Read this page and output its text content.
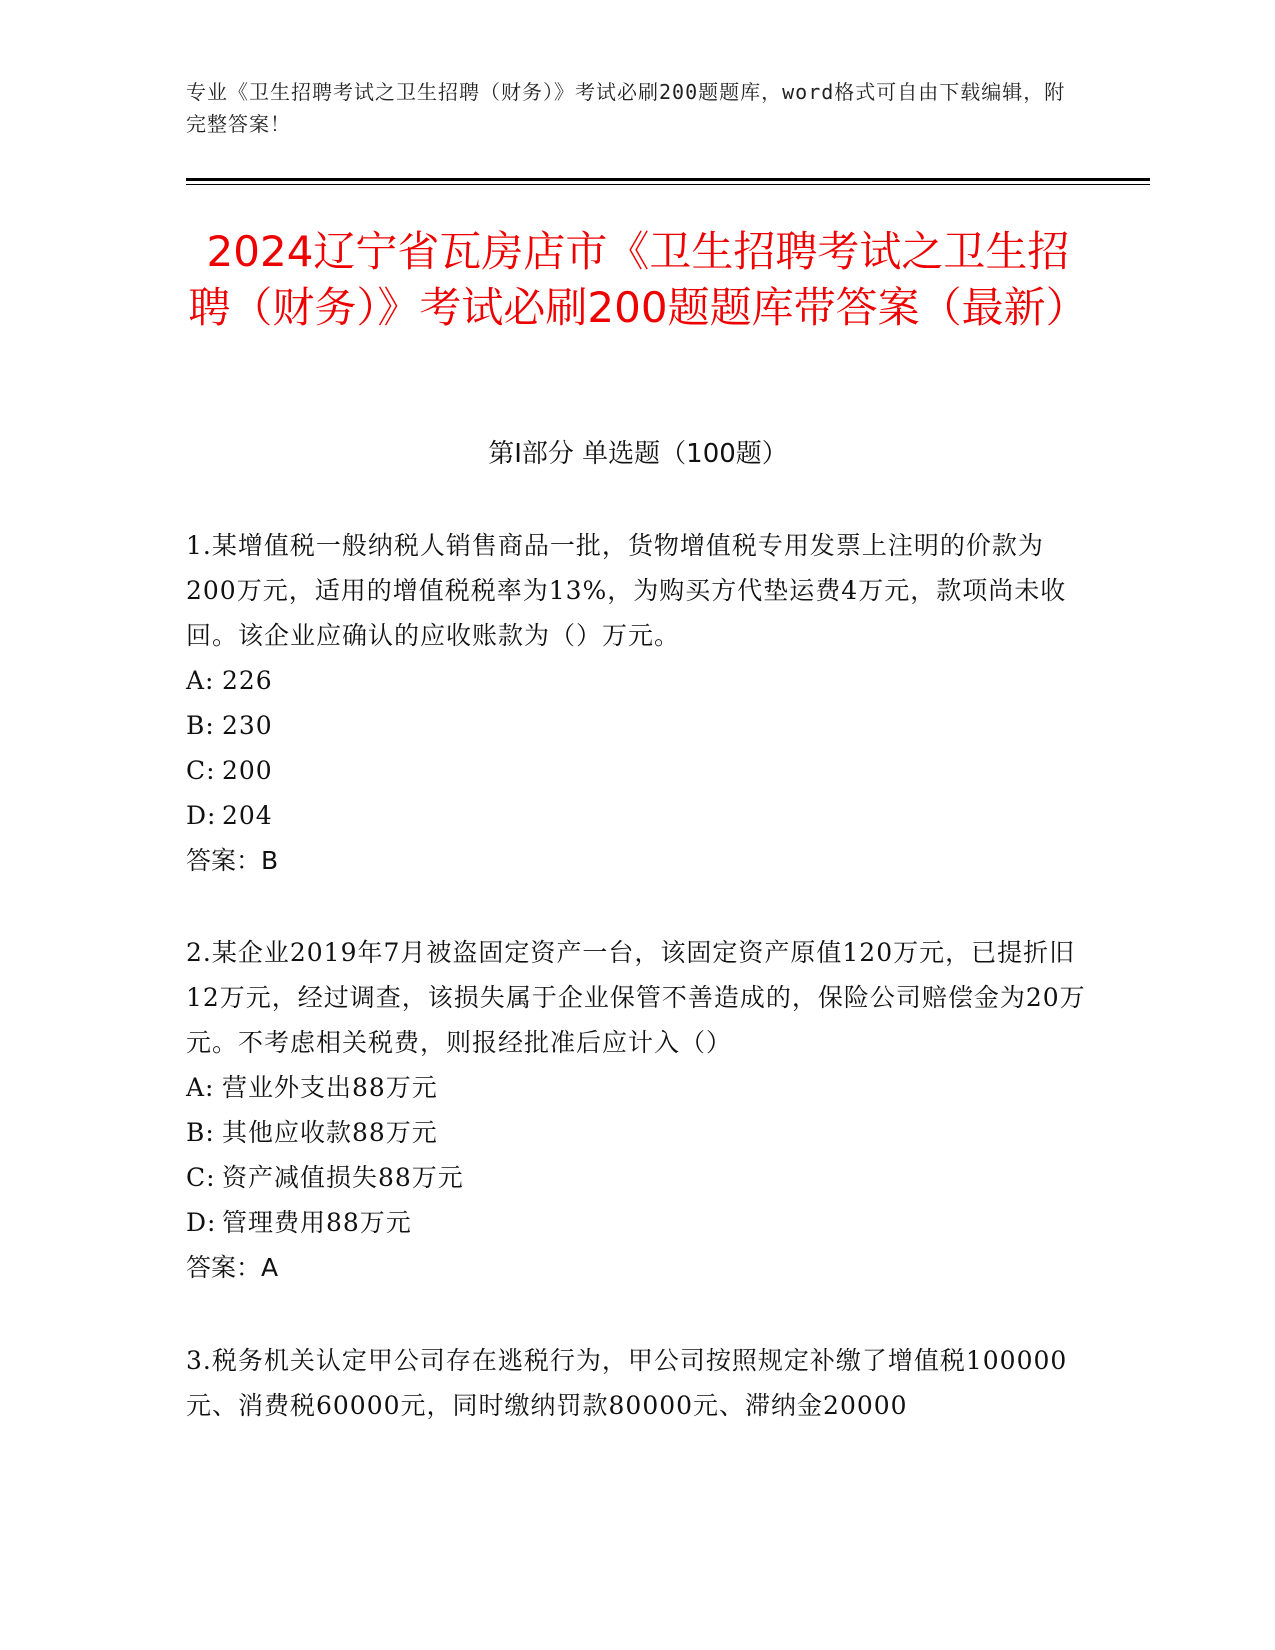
专业《卫生招聘考试之卫生招聘（财务）》考试必刷200题题库，word格式可自由下载编辑，附完整答案！
2024辽宁省瓦房店市《卫生招聘考试之卫生招聘（财务）》考试必刷200题题库带答案（最新）
第Ⅰ部分 单选题（100题）

1.某增值税一般纳税人销售商品一批，货物增值税专用发票上注明的价款为200万元，适用的增值税税率为13%，为购买方代垫运费4万元，款项尚未收回。该企业应确认的应收账款为（）万元。

A: 226

B: 230

C: 200

D: 204

答案：B

2.某企业2019年7月被盗固定资产一台，该固定资产原值120万元，已提折旧12万元，经过调查，该损失属于企业保管不善造成的，保险公司赔偿金为20万元。不考虑相关税费，则报经批准后应计入（）

A: 营业外支出88万元

B: 其他应收款88万元

C: 资产减值损失88万元

D: 管理费用88万元

答案：A

3.税务机关认定甲公司存在逃税行为，甲公司按照规定补缴了增值税100000元、消费税60000元，同时缴纳罚款80000元、滞纳金20000
